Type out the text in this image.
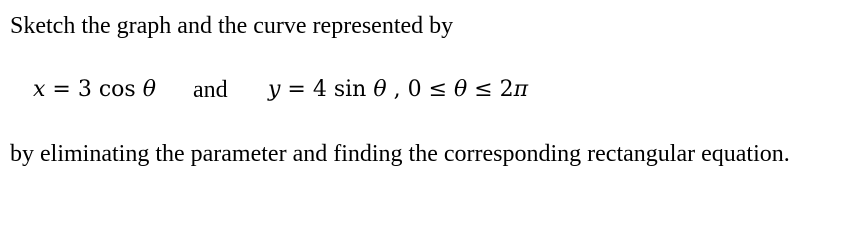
Sketch the graph and the curve represented by
x = 3 cos θ and y = 4 sin θ , 0 ≤ θ ≤ 2π
by eliminating the parameter and finding the corresponding rectangular equation.
